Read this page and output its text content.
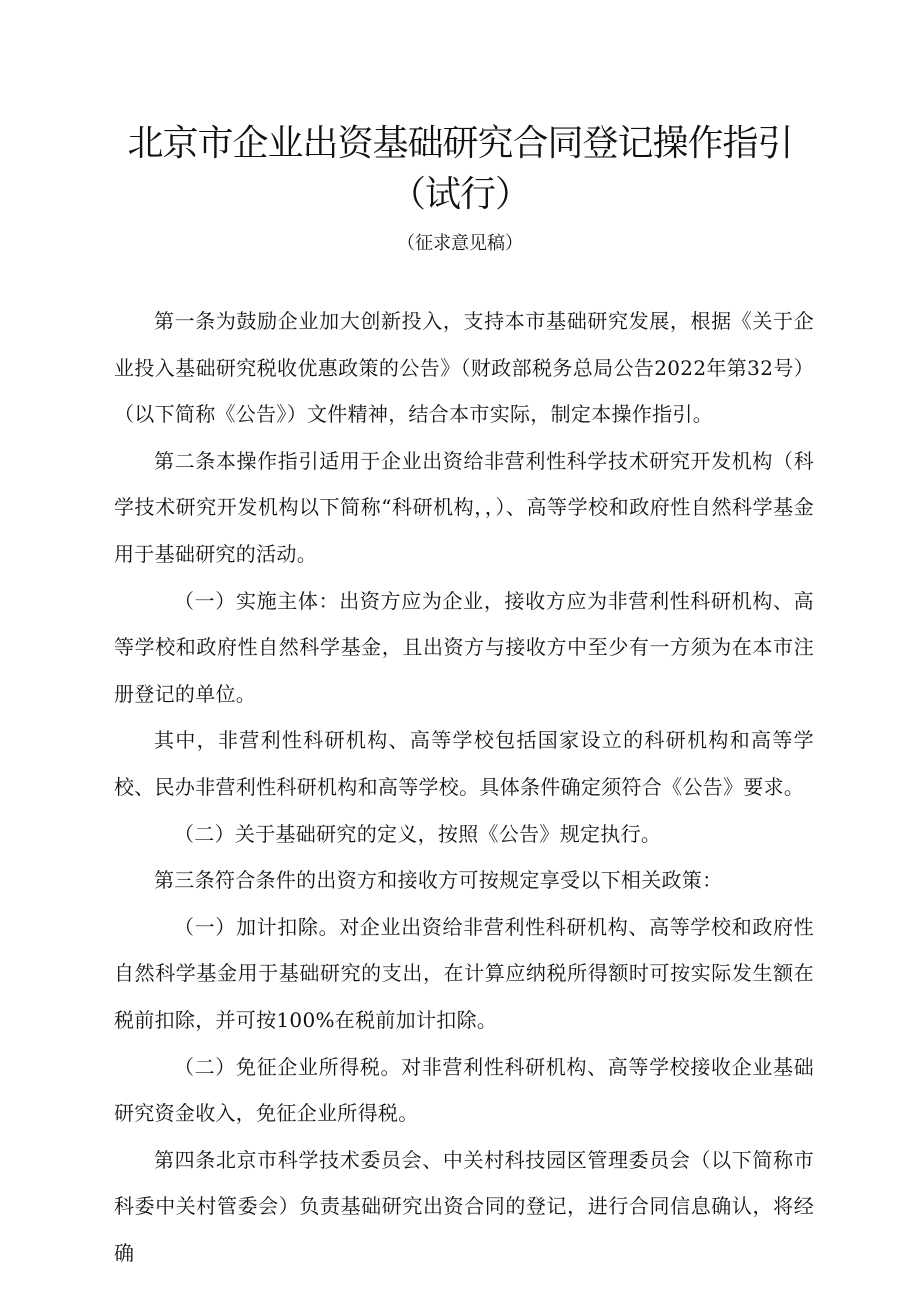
北京市企业出资基础研究合同登记操作指引
（试行）
（征求意见稿）

第一条为鼓励企业加大创新投入，支持本市基础研究发展，根据《关于企业投入基础研究税收优惠政策的公告》（财政部税务总局公告2022年第32号）（以下简称《公告》）文件精神，结合本市实际，制定本操作指引。

第二条本操作指引适用于企业出资给非营利性科学技术研究开发机构（科学技术研究开发机构以下简称“科研机构，，）、高等学校和政府性自然科学基金用于基础研究的活动。

（一）实施主体：出资方应为企业，接收方应为非营利性科研机构、高等学校和政府性自然科学基金，且出资方与接收方中至少有一方须为在本市注册登记的单位。

其中，非营利性科研机构、高等学校包括国家设立的科研机构和高等学校、民办非营利性科研机构和高等学校。具体条件确定须符合《公告》要求。

（二）关于基础研究的定义，按照《公告》规定执行。

第三条符合条件的出资方和接收方可按规定享受以下相关政策：

（一）加计扣除。对企业出资给非营利性科研机构、高等学校和政府性自然科学基金用于基础研究的支出，在计算应纳税所得额时可按实际发生额在税前扣除，并可按100%在税前加计扣除。

（二）免征企业所得税。对非营利性科研机构、高等学校接收企业基础研究资金收入，免征企业所得税。

第四条北京市科学技术委员会、中关村科技园区管理委员会（以下简称市科委中关村管委会）负责基础研究出资合同的登记，进行合同信息确认，将经确
